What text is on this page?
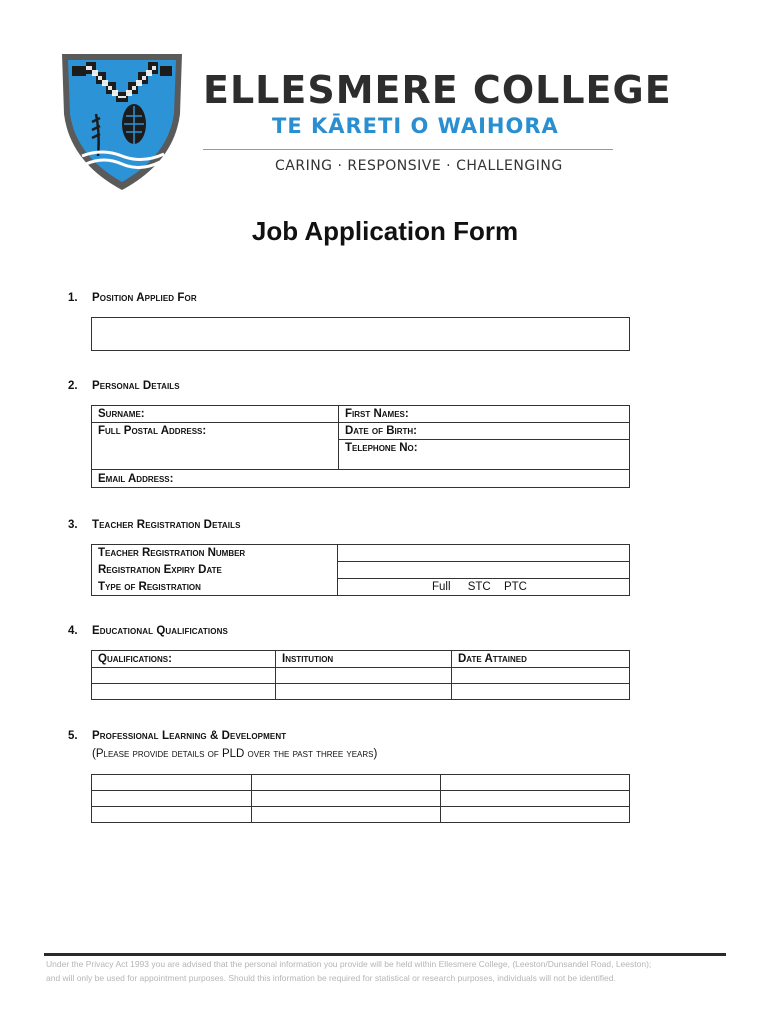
ELLESMERE COLLEGE
TE KĀRETI O WAIHORA
CARING · RESPONSIVE · CHALLENGING
Job Application Form
1. Position Applied For
2. Personal Details
Surname:	First Names:
Full Postal Address:	Date of Birth:
	Telephone No:
Email Address:	
3. Teacher Registration Details
Teacher Registration Number	
Registration Expiry Date	
Type of Registration	Full STC PTC
4. Educational Qualifications
Qualifications:	Institution	Date Attained

5. Professional Learning & Development
(Please provide details of PLD over the past three years)

Under the Privacy Act 1993 you are advised that the personal information you provide will be held within Ellesmere College, (Leeston/Dunsandel Road, Leeston);
and will only be used for appointment purposes. Should this information be required for statistical or research purposes, individuals will not be identified.
